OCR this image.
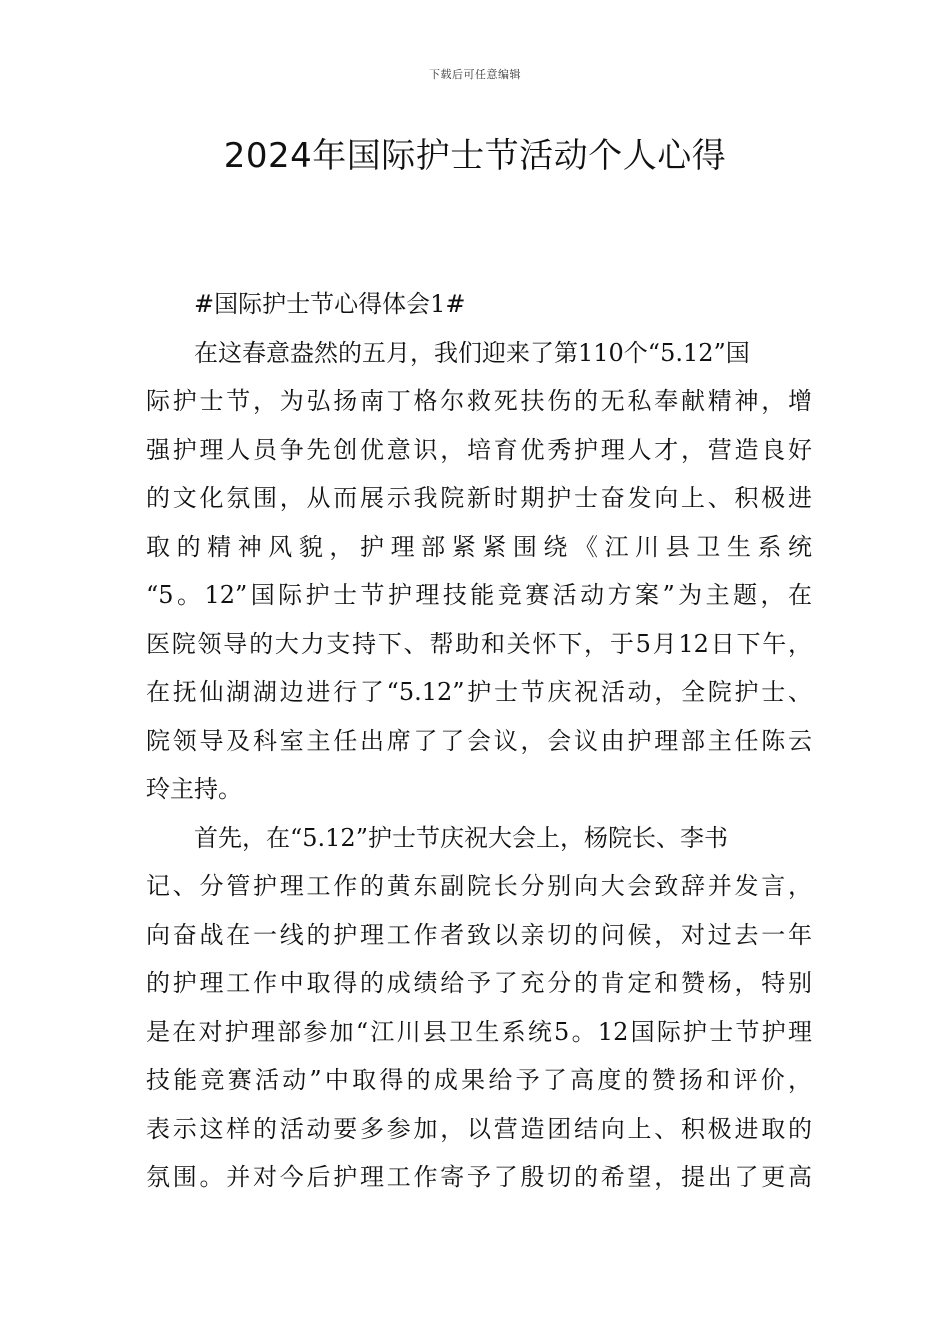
下载后可任意编辑
2024年国际护士节活动个人心得
#国际护士节心得体会1#
在这春意盎然的五月，我们迎来了第110个“5.12”国
际护士节，为弘扬南丁格尔救死扶伤的无私奉献精神，增
强护理人员争先创优意识，培育优秀护理人才，营造良好
的文化氛围，从而展示我院新时期护士奋发向上、积极进
取的精神风貌，护理部紧紧围绕《江川县卫生系统
“5。12”国际护士节护理技能竞赛活动方案”为主题，在
医院领导的大力支持下、帮助和关怀下，于5月12日下午，
在抚仙湖湖边进行了“5.12”护士节庆祝活动，全院护士、
院领导及科室主任出席了了会议，会议由护理部主任陈云
玲主持。
首先，在“5.12”护士节庆祝大会上，杨院长、李书
记、分管护理工作的黄东副院长分别向大会致辞并发言，
向奋战在一线的护理工作者致以亲切的问候，对过去一年
的护理工作中取得的成绩给予了充分的肯定和赞杨，特别
是在对护理部参加“江川县卫生系统5。12国际护士节护理
技能竞赛活动”中取得的成果给予了高度的赞扬和评价，
表示这样的活动要多参加，以营造团结向上、积极进取的
氛围。并对今后护理工作寄予了殷切的希望，提出了更高
